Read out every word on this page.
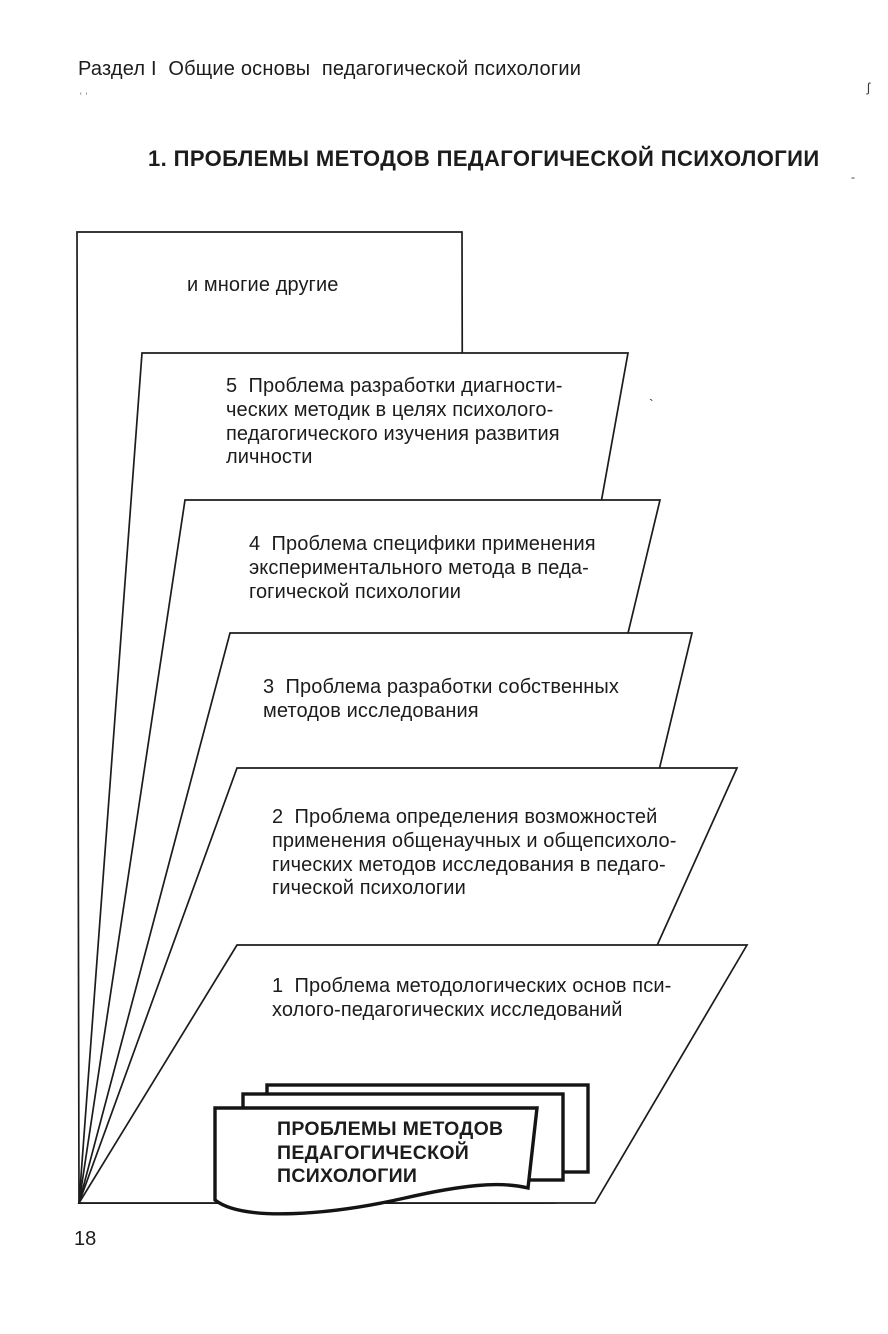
Раздел I  Общие основы  педагогической психологии
˓˒	ʃ
-
`
1. ПРОБЛЕМЫ МЕТОДОВ ПЕДАГОГИЧЕСКОЙ ПСИХОЛОГИИ
и многие другие
5  Проблема разработки диагности-
ческих методик в целях психолого-
педагогического изучения развития
личности
4  Проблема специфики применения
экспериментального метода в педа-
гогической психологии
3  Проблема разработки собственных
методов исследования
2  Проблема определения возможностей
применения общенаучных и общепсихоло-
гических методов исследования в педаго-
гической психологии
1  Проблема методологических основ пси-
холого-педагогических исследований
ПРОБЛЕМЫ МЕТОДОВ
ПЕДАГОГИЧЕСКОЙ
ПСИХОЛОГИИ
18
